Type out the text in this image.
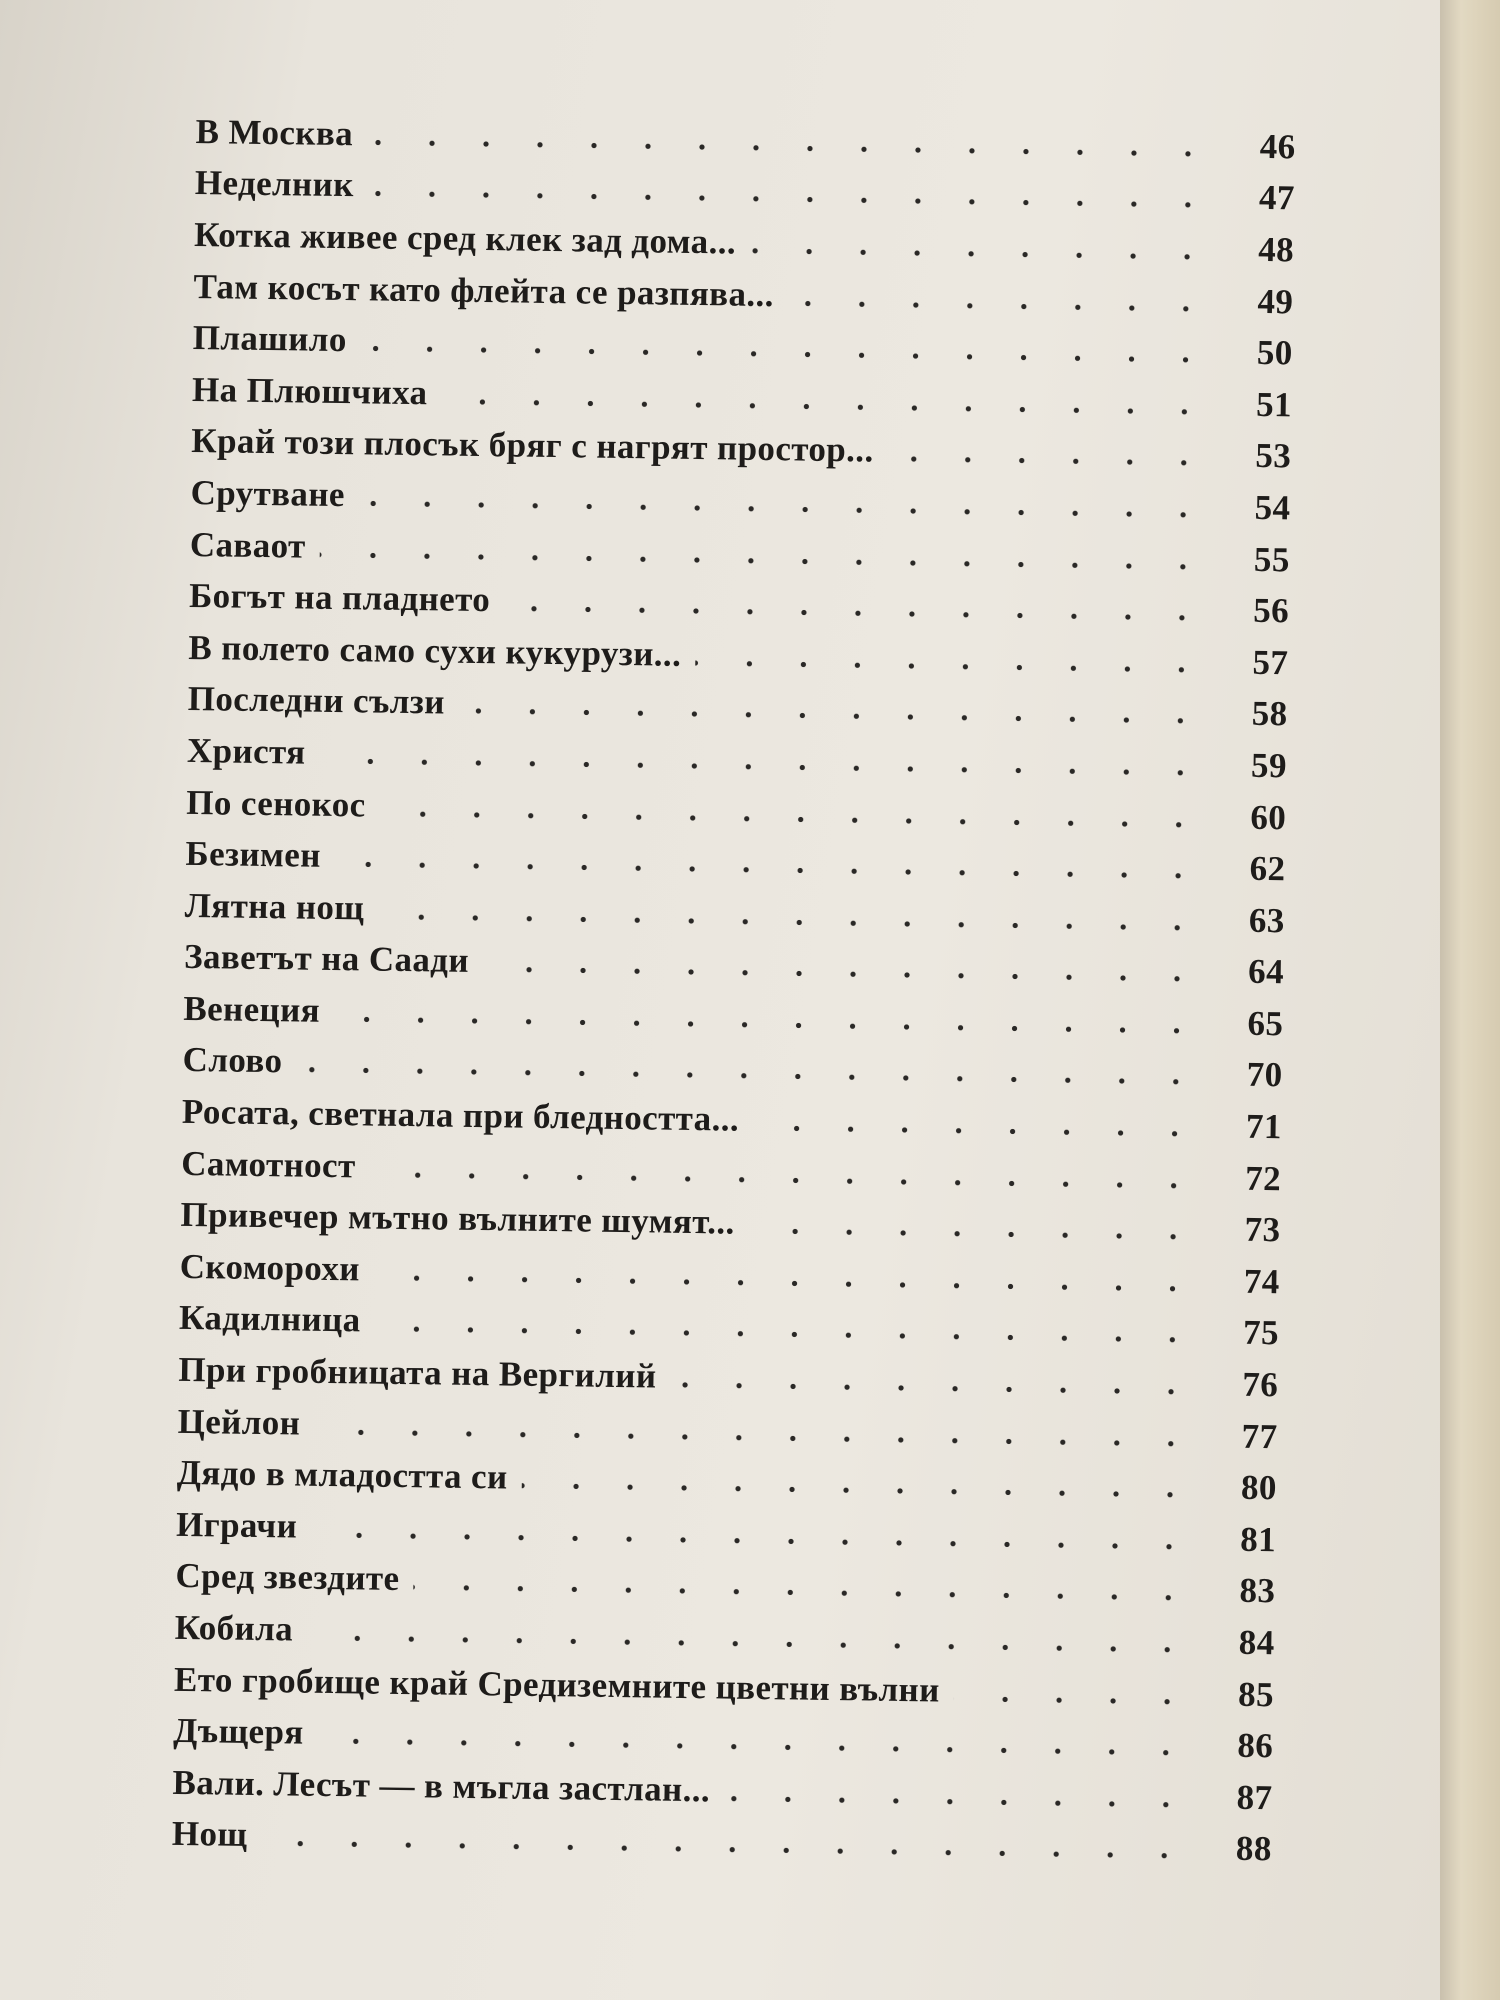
В Москва	46
Неделник	47
Котка живее сред клек зад дома...	48
Там косът като флейта се разпява...	49
Плашило	50
На Плюшчиха	51
Край този плосък бряг с нагрят простор...	53
Срутване	54
Саваот	55
Богът на пладнето	56
В полето само сухи кукурузи...	57
Последни сълзи	58
Христя	59
По сенокос	60
Безимен	62
Лятна нощ	63
Заветът на Саади	64
Венеция	65
Слово	70
Росата, светнала при бледността...	71
Самотност	72
Привечер мътно вълните шумят...	73
Скоморохи	74
Кадилница	75
При гробницата на Вергилий	76
Цейлон	77
Дядо в младостта си	80
Играчи	81
Сред звездите	83
Кобила	84
Ето гробище край Средиземните цветни вълни	85
Дъщеря	86
Вали. Лесът — в мъгла застлан...	87
Нощ	88
